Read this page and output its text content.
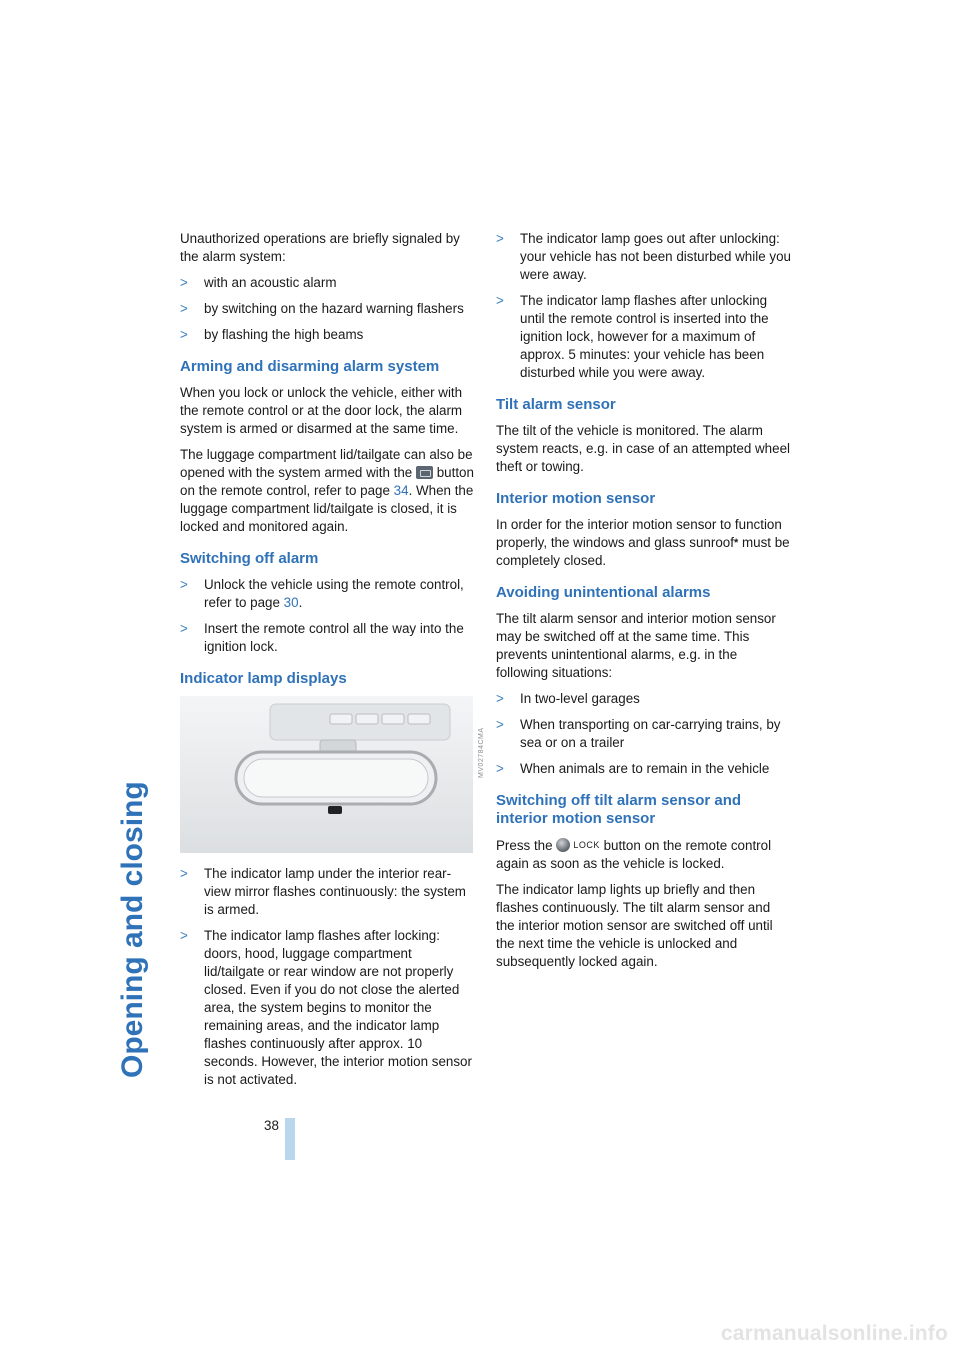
Opening and closing

Unauthorized operations are briefly signaled by the alarm system:

> with an acoustic alarm
> by switching on the hazard warning flashers
> by flashing the high beams
Arming and disarming alarm system

When you lock or unlock the vehicle, either with the remote control or at the door lock, the alarm system is armed or disarmed at the same time.

The luggage compartment lid/tailgate can also be opened with the system armed with the button on the remote control, refer to page 34. When the luggage compartment lid/tailgate is closed, it is locked and monitored again.

Switching off alarm
> Unlock the vehicle using the remote control, refer to page 30.
> Insert the remote control all the way into the ignition lock.
Indicator lamp displays
> The indicator lamp under the interior rear-view mirror flashes continuously: the system is armed.
> The indicator lamp flashes after locking: doors, hood, luggage compartment lid/tailgate or rear window are not properly closed. Even if you do not close the alerted area, the system begins to monitor the remaining areas, and the indicator lamp flashes continuously after approx. 10 seconds. However, the interior motion sensor is not activated.
MV02784CMA
> The indicator lamp goes out after unlocking: your vehicle has not been disturbed while you were away.
> The indicator lamp flashes after unlocking until the remote control is inserted into the ignition lock, however for a maximum of approx. 5 minutes: your vehicle has been disturbed while you were away.
Tilt alarm sensor

The tilt of the vehicle is monitored. The alarm system reacts, e.g. in case of an attempted wheel theft or towing.

Interior motion sensor

In order for the interior motion sensor to function properly, the windows and glass sunroof* must be completely closed.

Avoiding unintentional alarms

The tilt alarm sensor and interior motion sensor may be switched off at the same time. This prevents unintentional alarms, e.g. in the following situations:

> In two-level garages
> When transporting on car-carrying trains, by sea or on a trailer
> When animals are to remain in the vehicle
Switching off tilt alarm sensor and interior motion sensor

Press the LOCK button on the remote control again as soon as the vehicle is locked.

The indicator lamp lights up briefly and then flashes continuously. The tilt alarm sensor and the interior motion sensor are switched off until the next time the vehicle is unlocked and subsequently locked again.

38
carmanualsonline.info
